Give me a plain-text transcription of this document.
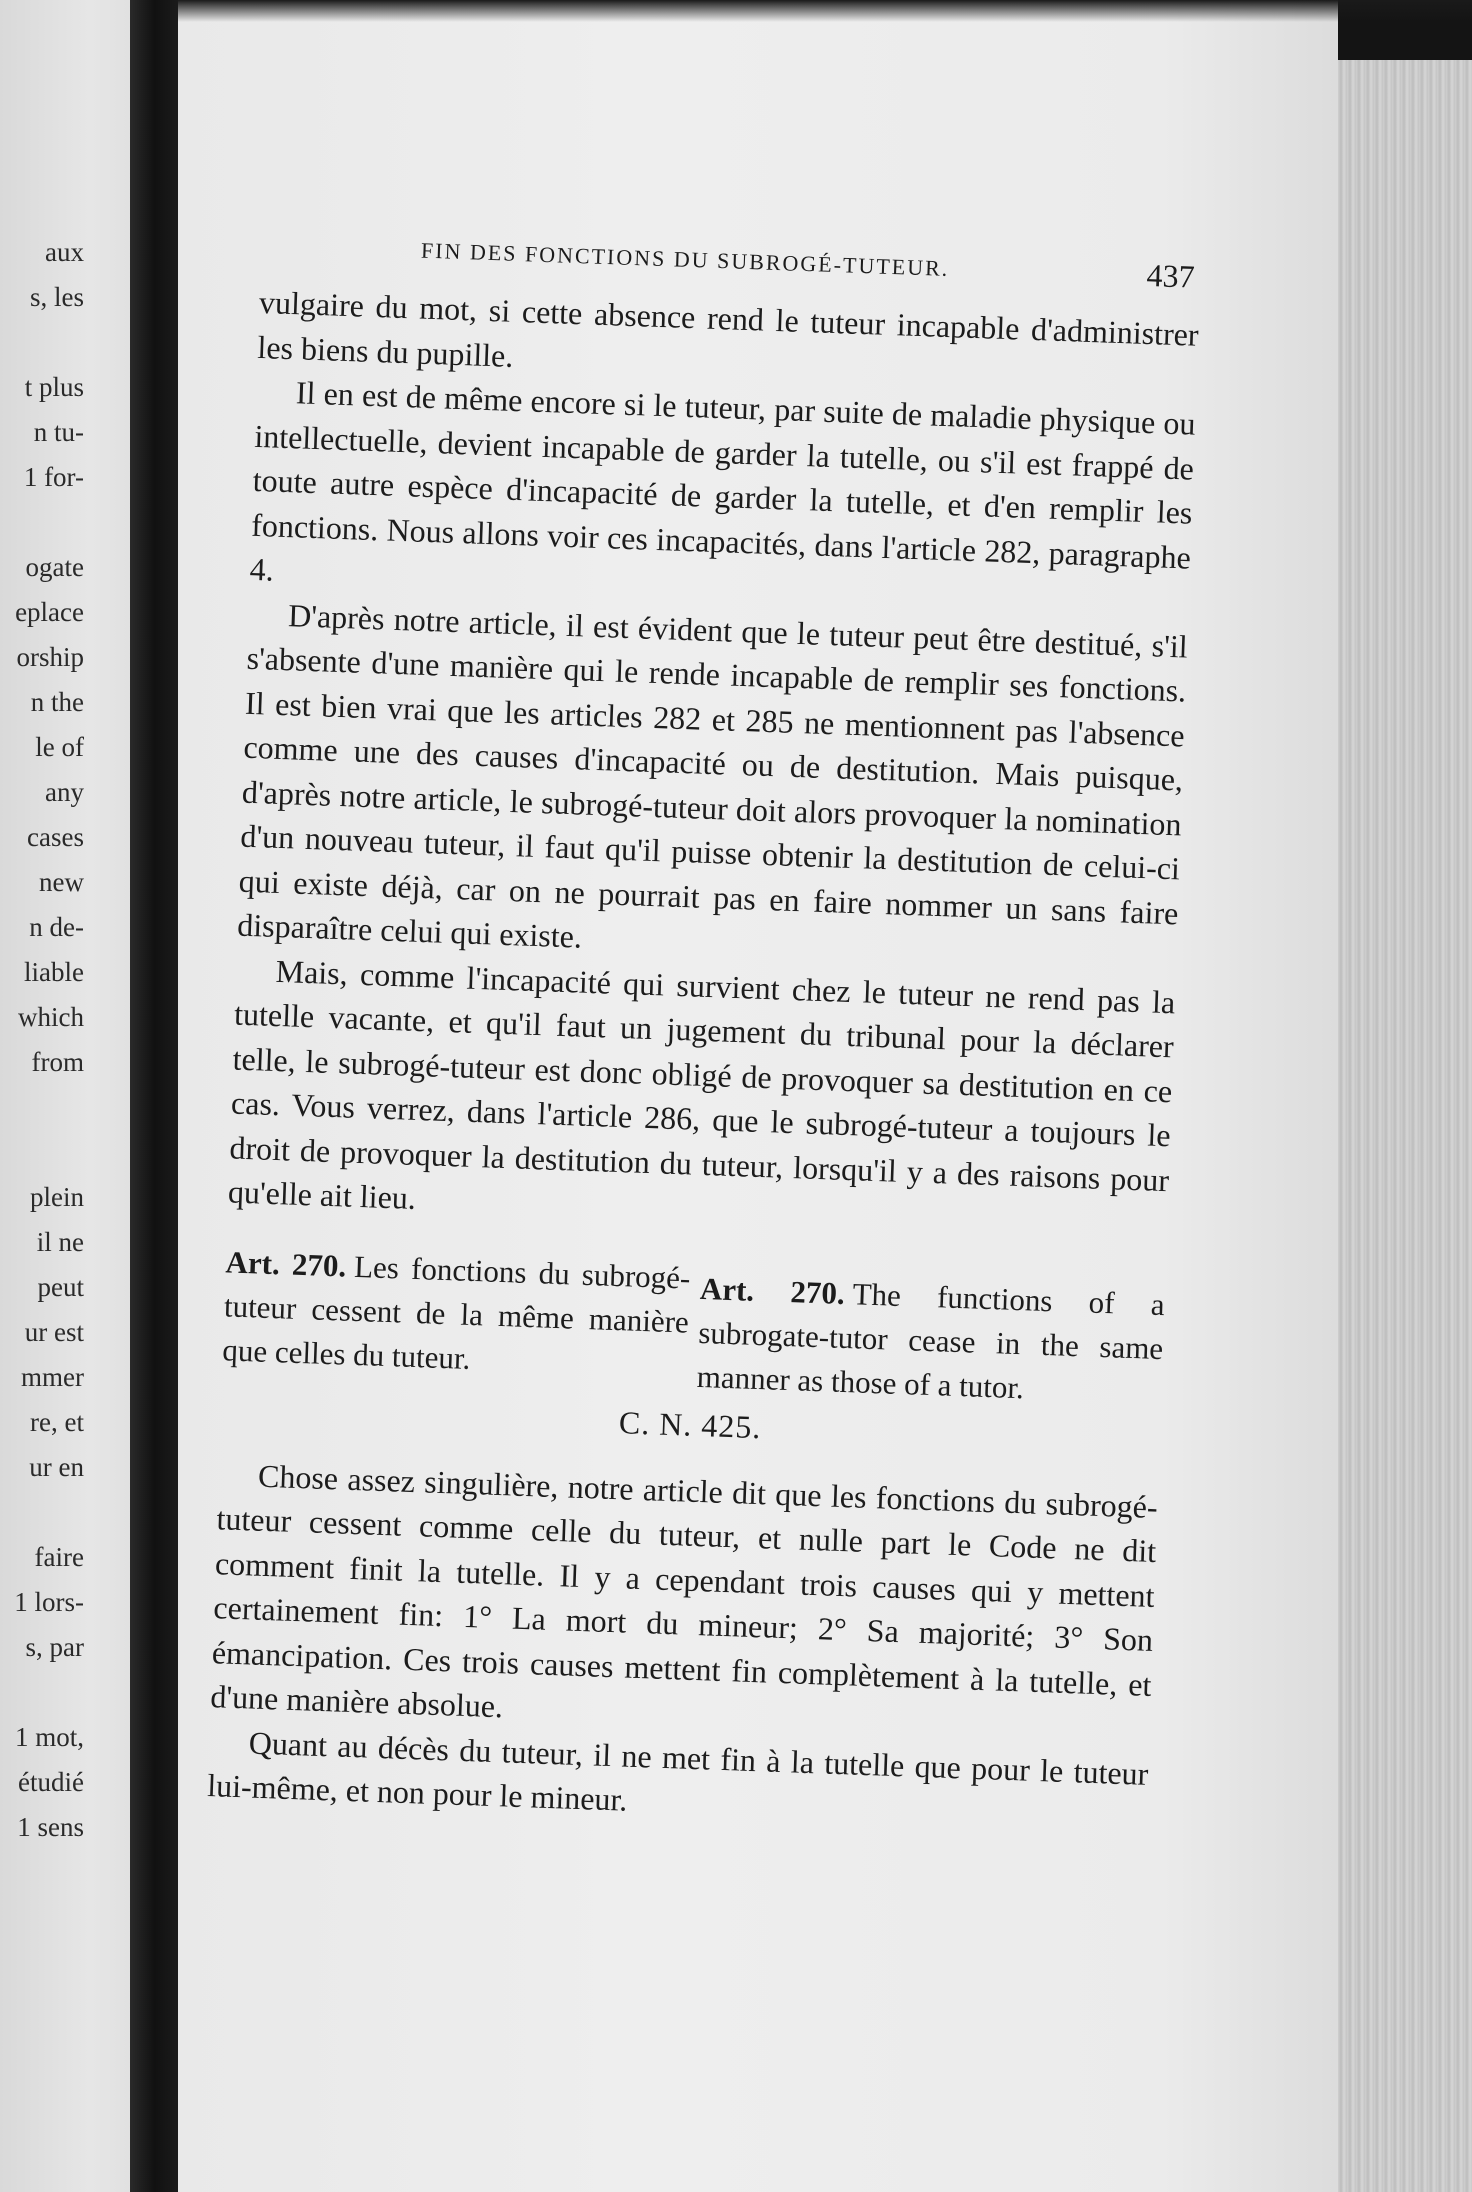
aux
s, les
t plus
n tu-
1 for-
ogate
eplace
orship
n the
le of
any
cases
new
n de-
liable
which
from
plein
il ne
peut
ur est
mmer
re, et
ur en
faire
1 lors-
s, par
1 mot,
étudié
1 sens
FIN DES FONCTIONS DU SUBROGÉ-TUTEUR.	437

vulgaire du mot, si cette absence rend le tuteur incapable d'administrer les biens du pupille.

Il en est de même encore si le tuteur, par suite de maladie physique ou intellectuelle, devient incapable de garder la tutelle, ou s'il est frappé de toute autre espèce d'incapacité de garder la tutelle, et d'en remplir les fonctions. Nous allons voir ces incapacités, dans l'article 282, paragraphe 4.

D'après notre article, il est évident que le tuteur peut être destitué, s'il s'absente d'une manière qui le rende incapable de remplir ses fonctions. Il est bien vrai que les articles 282 et 285 ne mentionnent pas l'absence comme une des causes d'incapacité ou de destitution. Mais puisque, d'après notre article, le subrogé-tuteur doit alors provoquer la nomination d'un nouveau tuteur, il faut qu'il puisse obtenir la destitution de celui-ci qui existe déjà, car on ne pourrait pas en faire nommer un sans faire disparaître celui qui existe.

Mais, comme l'incapacité qui survient chez le tuteur ne rend pas la tutelle vacante, et qu'il faut un jugement du tribunal pour la déclarer telle, le subrogé-tuteur est donc obligé de provoquer sa destitution en ce cas. Vous verrez, dans l'article 286, que le subrogé-tuteur a toujours le droit de provoquer la destitution du tuteur, lorsqu'il y a des raisons pour qu'elle ait lieu.

Art. 270. Les fonctions du subrogé-tuteur cessent de la même manière que celles du tuteur.
Art. 270. The functions of a subrogate-tutor cease in the same manner as those of a tutor.
C. N. 425.

Chose assez singulière, notre article dit que les fonctions du subrogé-tuteur cessent comme celle du tuteur, et nulle part le Code ne dit comment finit la tutelle. Il y a cependant trois causes qui y mettent certainement fin: 1° La mort du mineur; 2° Sa majorité; 3° Son émancipation. Ces trois causes mettent fin complètement à la tutelle, et d'une manière absolue.

Quant au décès du tuteur, il ne met fin à la tutelle que pour le tuteur lui-même, et non pour le mineur.
